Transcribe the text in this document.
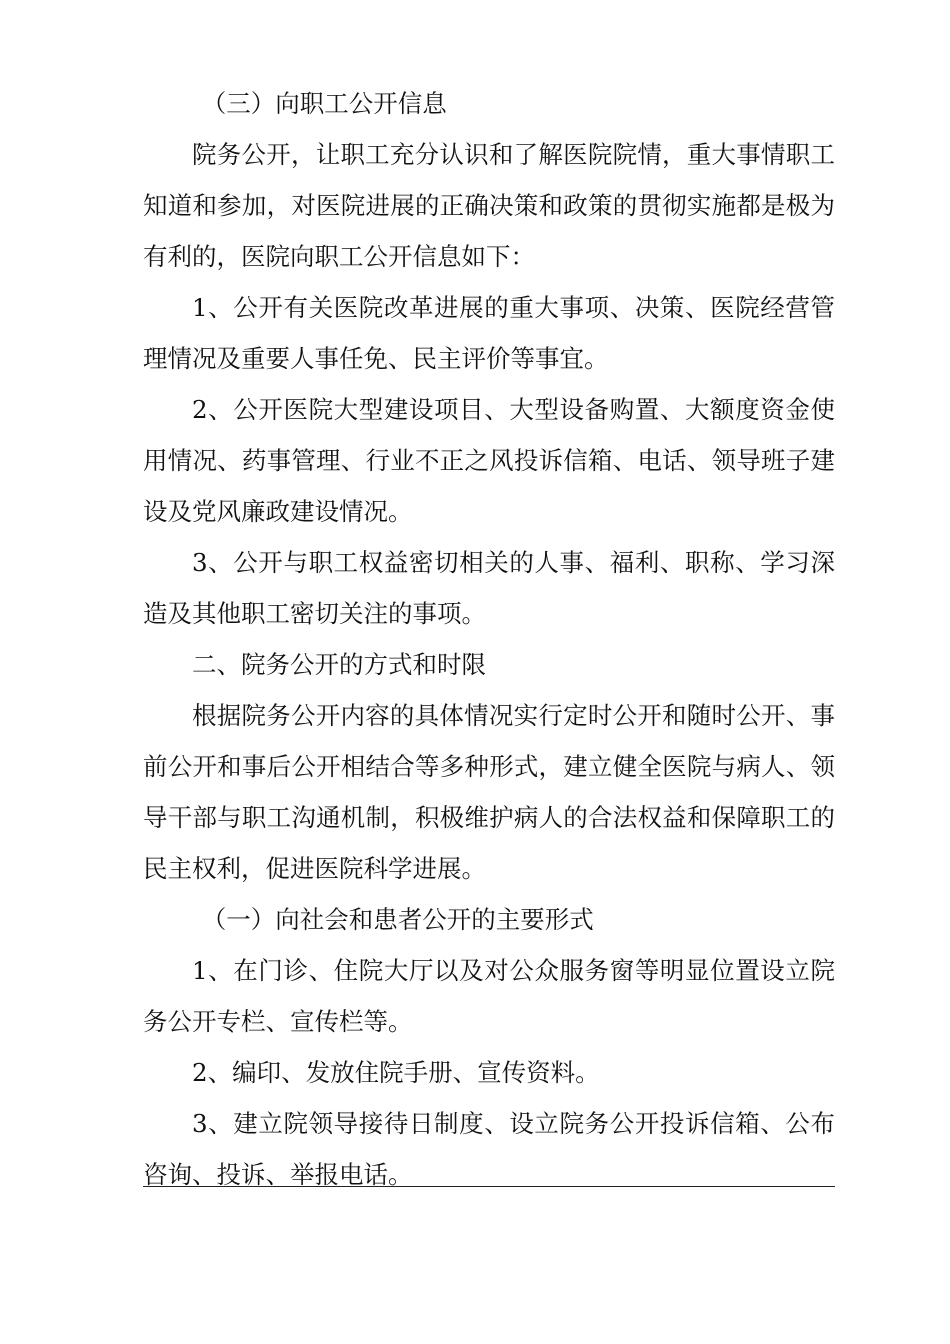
（三）向职工公开信息

院务公开，让职工充分认识和了解医院院情，重大事情职工知道和参加，对医院进展的正确决策和政策的贯彻实施都是极为有利的，医院向职工公开信息如下：

1、公开有关医院改革进展的重大事项、决策、医院经营管理情况及重要人事任免、民主评价等事宜。

2、公开医院大型建设项目、大型设备购置、大额度资金使用情况、药事管理、行业不正之风投诉信箱、电话、领导班子建设及党风廉政建设情况。

3、公开与职工权益密切相关的人事、福利、职称、学习深造及其他职工密切关注的事项。

二、院务公开的方式和时限

根据院务公开内容的具体情况实行定时公开和随时公开、事前公开和事后公开相结合等多种形式，建立健全医院与病人、领导干部与职工沟通机制，积极维护病人的合法权益和保障职工的民主权利，促进医院科学进展。

（一）向社会和患者公开的主要形式

1、在门诊、住院大厅以及对公众服务窗等明显位置设立院务公开专栏、宣传栏等。

2、编印、发放住院手册、宣传资料。

3、建立院领导接待日制度、设立院务公开投诉信箱、公布咨询、投诉、举报电话。
